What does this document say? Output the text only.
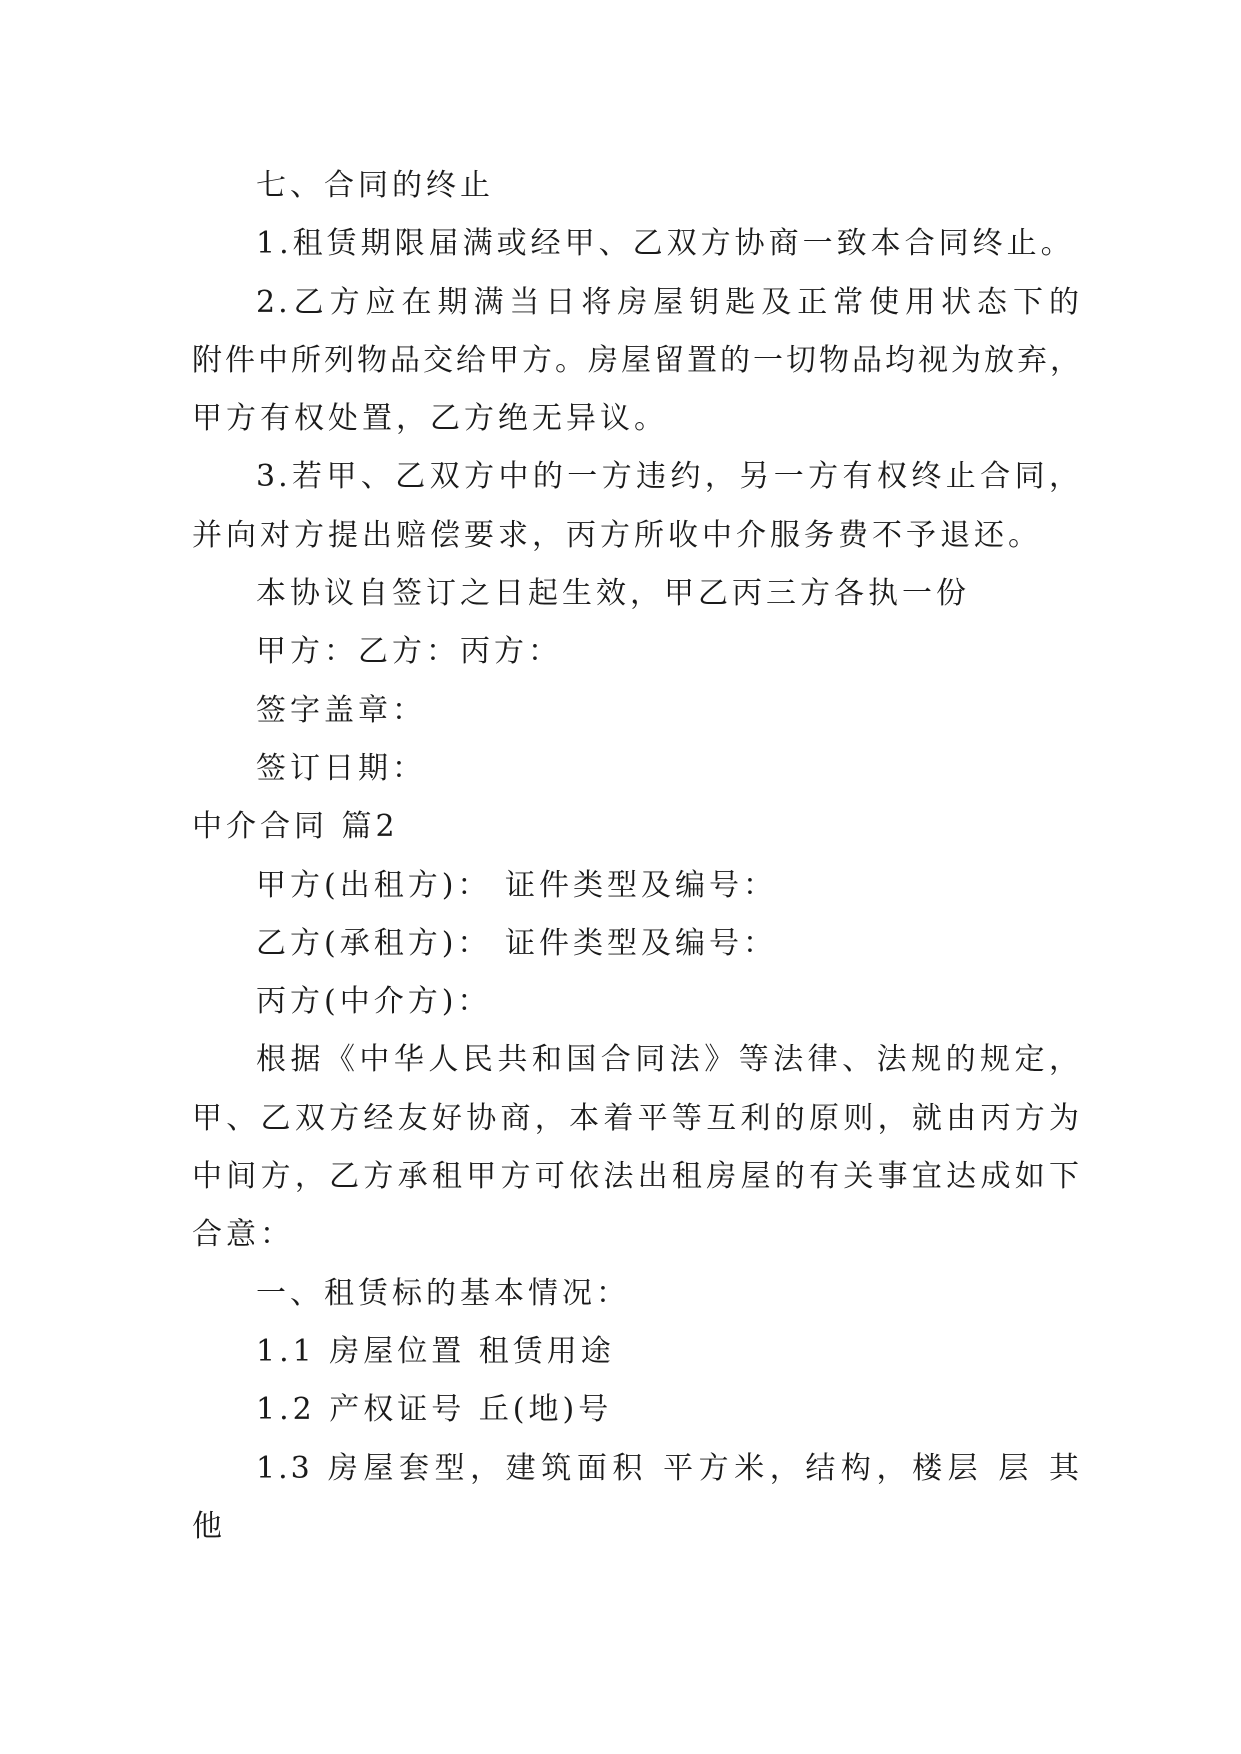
七、合同的终止
1.租赁期限届满或经甲、乙双方协商一致本合同终止。
2.乙方应在期满当日将房屋钥匙及正常使用状态下的
附件中所列物品交给甲方。房屋留置的一切物品均视为放弃，
甲方有权处置，乙方绝无异议。
3.若甲、乙双方中的一方违约，另一方有权终止合同，
并向对方提出赔偿要求，丙方所收中介服务费不予退还。
本协议自签订之日起生效，甲乙丙三方各执一份
甲方：乙方：丙方：
签字盖章：
签订日期：
中介合同 篇2
甲方(出租方)： 证件类型及编号：
乙方(承租方)： 证件类型及编号：
丙方(中介方)：
根据《中华人民共和国合同法》等法律、法规的规定，
甲、乙双方经友好协商，本着平等互利的原则，就由丙方为
中间方，乙方承租甲方可依法出租房屋的有关事宜达成如下
合意：
一、租赁标的基本情况：
1.1 房屋位置 租赁用途
1.2 产权证号 丘(地)号
1.3 房屋套型，建筑面积 平方米，结构，楼层 层 其
他
